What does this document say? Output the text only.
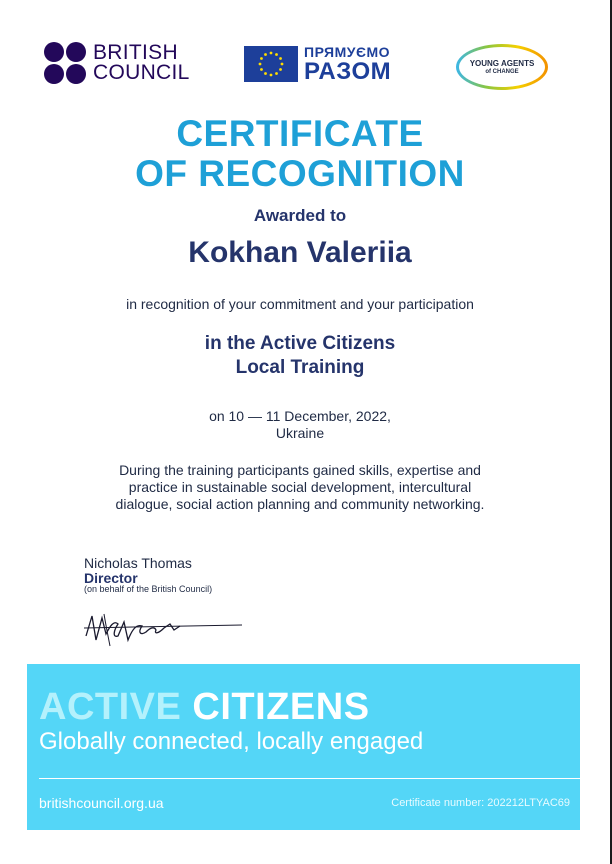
BRITISH
COUNCIL
ПРЯМУЄМО
РАЗОМ	YOUNG AGENTS
of CHANGE
CERTIFICATE
OF RECOGNITION
Awarded to
Kokhan Valeriia
in recognition of your commitment and your participation
in the Active Citizens
Local Training
on 10 — 11 December, 2022,
Ukraine
During the training participants gained skills, expertise and
practice in sustainable social development, intercultural
dialogue, social action planning and community networking.
Nicholas Thomas
Director
(on behalf of the British Council)
ACTIVE CITIZENS
Globally connected, locally engaged
britishcouncil.org.ua	Certificate number: 202212LTYAC69
